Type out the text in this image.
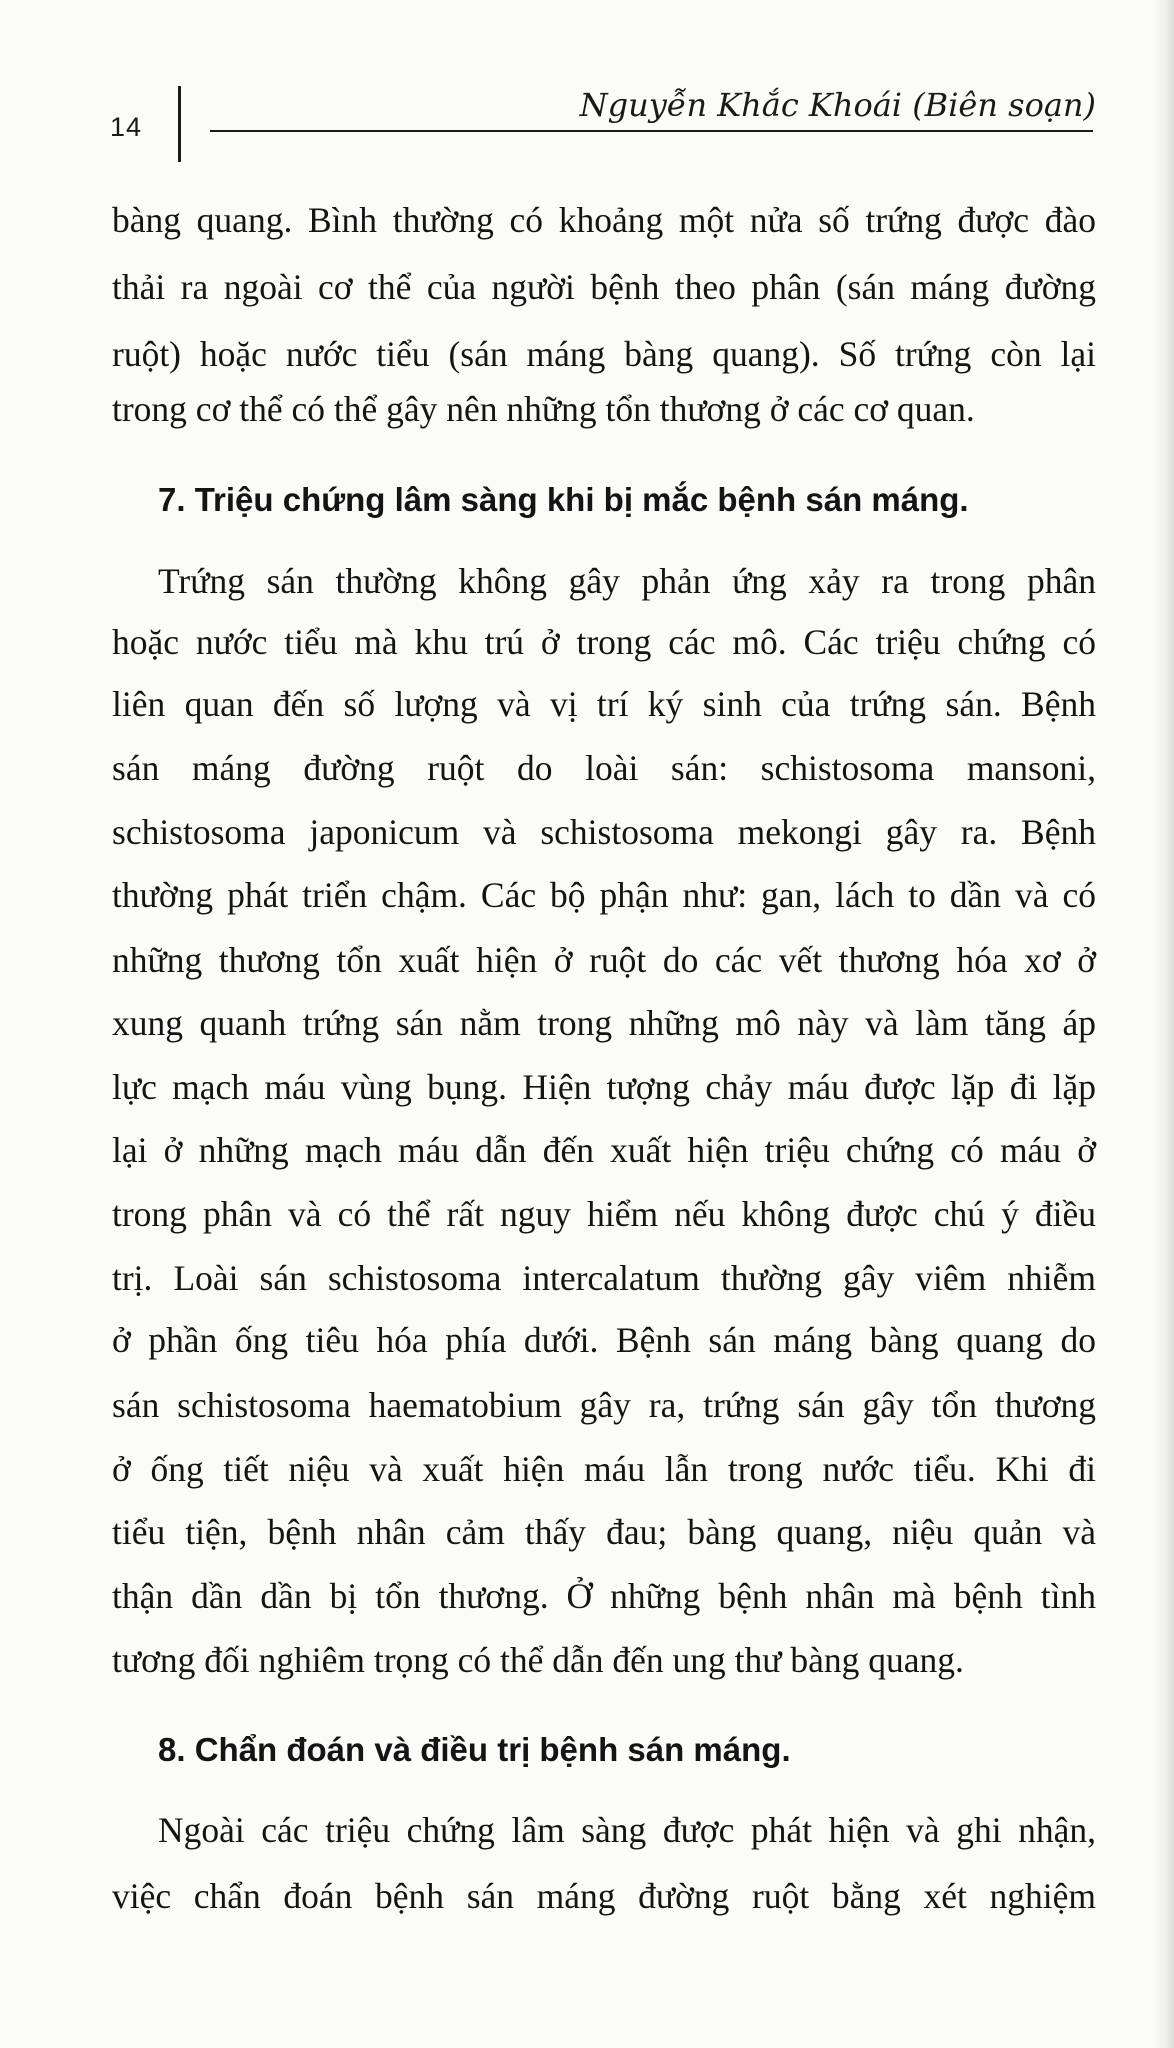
14
Nguyễn Khắc Khoái (Biên soạn)
bàng quang. Bình thường có khoảng một nửa số trứng được đào
thải ra ngoài cơ thể của người bệnh theo phân (sán máng đường
ruột) hoặc nước tiểu (sán máng bàng quang). Số trứng còn lại
trong cơ thể có thể gây nên những tổn thương ở các cơ quan.
7. Triệu chứng lâm sàng khi bị mắc bệnh sán máng.
Trứng sán thường không gây phản ứng xảy ra trong phân
hoặc nước tiểu mà khu trú ở trong các mô. Các triệu chứng có
liên quan đến số lượng và vị trí ký sinh của trứng sán. Bệnh
sán máng đường ruột do loài sán: schistosoma mansoni,
schistosoma japonicum và schistosoma mekongi gây ra. Bệnh
thường phát triển chậm. Các bộ phận như: gan, lách to dần và có
những thương tổn xuất hiện ở ruột do các vết thương hóa xơ ở
xung quanh trứng sán nằm trong những mô này và làm tăng áp
lực mạch máu vùng bụng. Hiện tượng chảy máu được lặp đi lặp
lại ở những mạch máu dẫn đến xuất hiện triệu chứng có máu ở
trong phân và có thể rất nguy hiểm nếu không được chú ý điều
trị. Loài sán schistosoma intercalatum thường gây viêm nhiễm
ở phần ống tiêu hóa phía dưới. Bệnh sán máng bàng quang do
sán schistosoma haematobium gây ra, trứng sán gây tổn thương
ở ống tiết niệu và xuất hiện máu lẫn trong nước tiểu. Khi đi
tiểu tiện, bệnh nhân cảm thấy đau; bàng quang, niệu quản và
thận dần dần bị tổn thương. Ở những bệnh nhân mà bệnh tình
tương đối nghiêm trọng có thể dẫn đến ung thư bàng quang.
8. Chẩn đoán và điều trị bệnh sán máng.
Ngoài các triệu chứng lâm sàng được phát hiện và ghi nhận,
việc chẩn đoán bệnh sán máng đường ruột bằng xét nghiệm
